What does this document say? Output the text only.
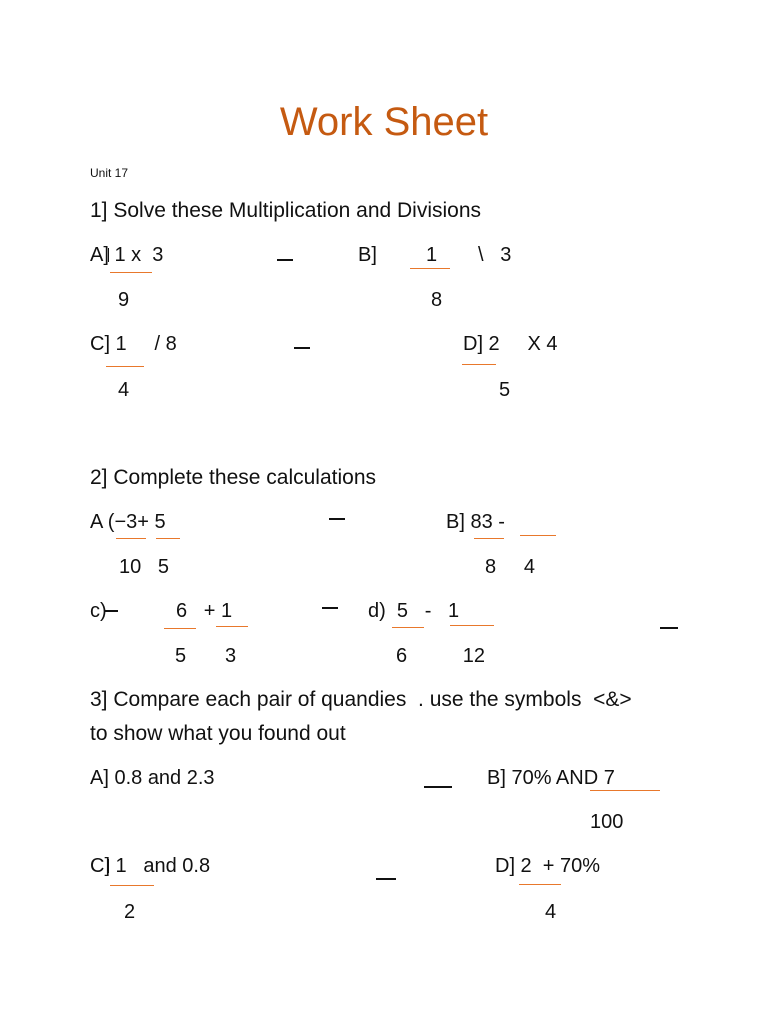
Work Sheet
Unit 17
1] Solve these Multiplication and Divisions
A] 1 x  3
9
B] 1 \   3
8
C] 1     / 8
4
D] 2     X 4
5
2] Complete these calculations
A (−3+ 5
10   5
B] 83 -
8     4
c)	6   + 1
5       3
d)  5   -   1
6          12
3] Compare each pair of quandies  . use the symbols  <&>
to show what you found out
A] 0.8 and 2.3	B] 70% AND 7
100
C] 1   and 0.8
2
D] 2  + 70%
4
